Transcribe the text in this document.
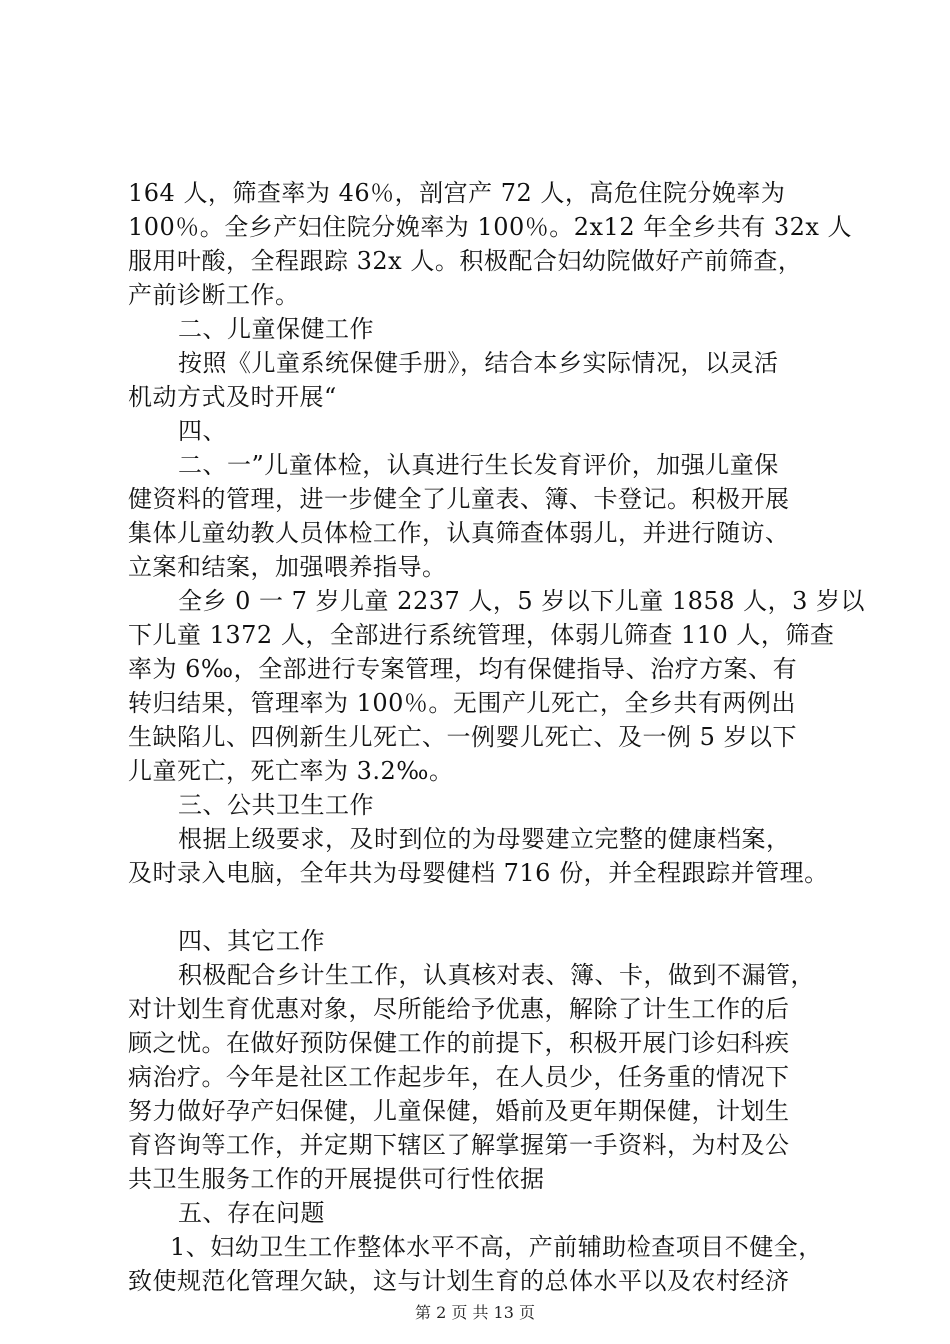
164 人，筛查率为 46％，剖宫产 72 人，高危住院分娩率为
100％。全乡产妇住院分娩率为 100％。2x12 年全乡共有 32x 人
服用叶酸，全程跟踪 32x 人。积极配合妇幼院做好产前筛查，
产前诊断工作。
二、儿童保健工作
按照《儿童系统保健手册》，结合本乡实际情况，以灵活
机动方式及时开展“
四、
二、一”儿童体检，认真进行生长发育评价，加强儿童保
健资料的管理，进一步健全了儿童表、簿、卡登记。积极开展
集体儿童幼教人员体检工作，认真筛查体弱儿，并进行随访、
立案和结案，加强喂养指导。
全乡 0 一 7 岁儿童 2237 人，5 岁以下儿童 1858 人，3 岁以
下儿童 1372 人，全部进行系统管理，体弱儿筛查 110 人，筛查
率为 6‰，全部进行专案管理，均有保健指导、治疗方案、有
转归结果，管理率为 100％。无围产儿死亡，全乡共有两例出
生缺陷儿、四例新生儿死亡、一例婴儿死亡、及一例 5 岁以下
儿童死亡，死亡率为 3.2‰。
三、公共卫生工作
根据上级要求，及时到位的为母婴建立完整的健康档案，
及时录入电脑，全年共为母婴健档 716 份，并全程跟踪并管理。
四、其它工作
积极配合乡计生工作，认真核对表、簿、卡，做到不漏管，
对计划生育优惠对象，尽所能给予优惠，解除了计生工作的后
顾之忧。在做好预防保健工作的前提下，积极开展门诊妇科疾
病治疗。今年是社区工作起步年，在人员少，任务重的情况下
努力做好孕产妇保健，儿童保健，婚前及更年期保健，计划生
育咨询等工作，并定期下辖区了解掌握第一手资料，为村及公
共卫生服务工作的开展提供可行性依据
五、存在问题
1、妇幼卫生工作整体水平不高，产前辅助检查项目不健全，
致使规范化管理欠缺，这与计划生育的总体水平以及农村经济
第 2 页 共 13 页
